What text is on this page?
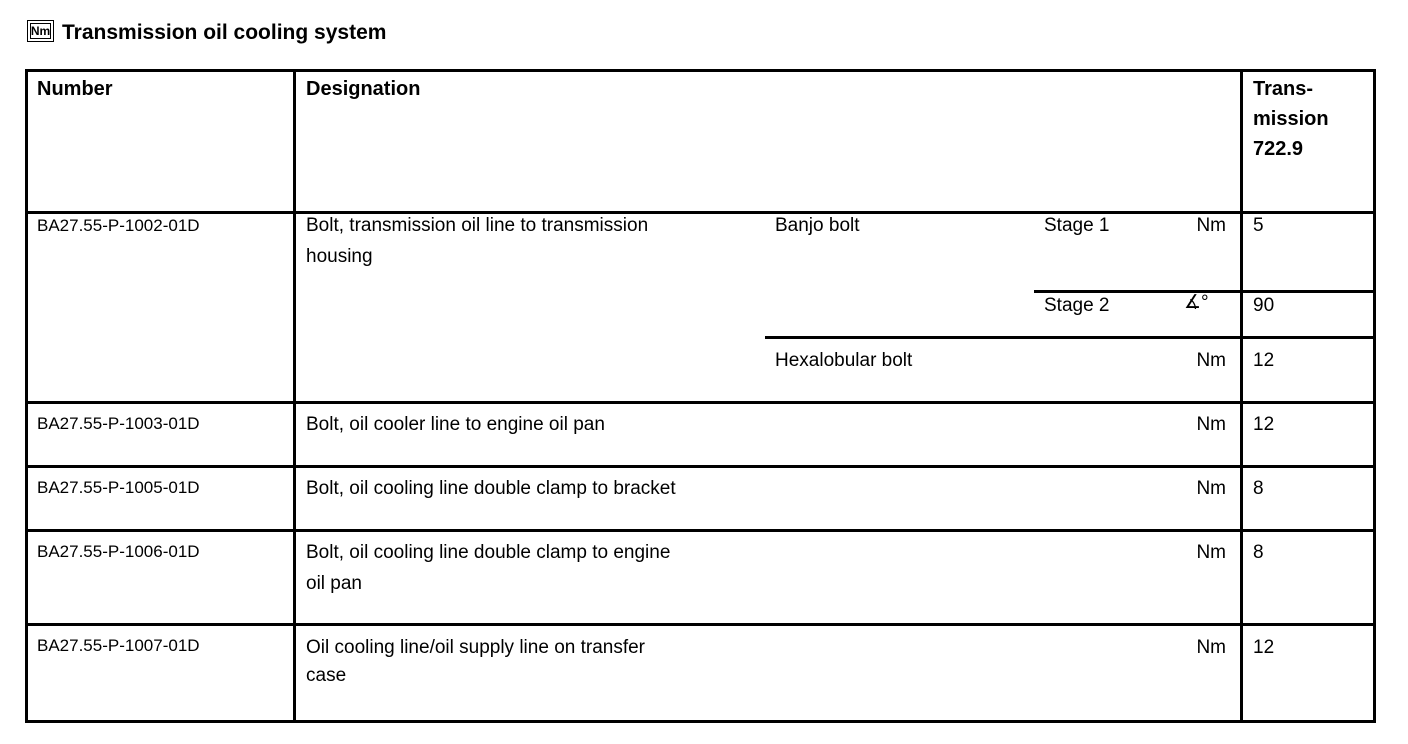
Nm Transmission oil cooling system
Number	Designation	Trans-
mission
722.9
BA27.55-P-1002-01D	Bolt, transmission oil line to transmission
housing
Banjo bolt	Stage 1	Nm 5
Stage 2	∡° 90
Hexalobular bolt	Nm 12
BA27.55-P-1003-01D	Bolt, oil cooler line to engine oil pan	Nm 12
BA27.55-P-1005-01D	Bolt, oil cooling line double clamp to bracket	Nm 8
BA27.55-P-1006-01D	Bolt, oil cooling line double clamp to engine
oil pan
Nm 8
BA27.55-P-1007-01D	Oil cooling line/oil supply line on transfer
case
Nm 12
